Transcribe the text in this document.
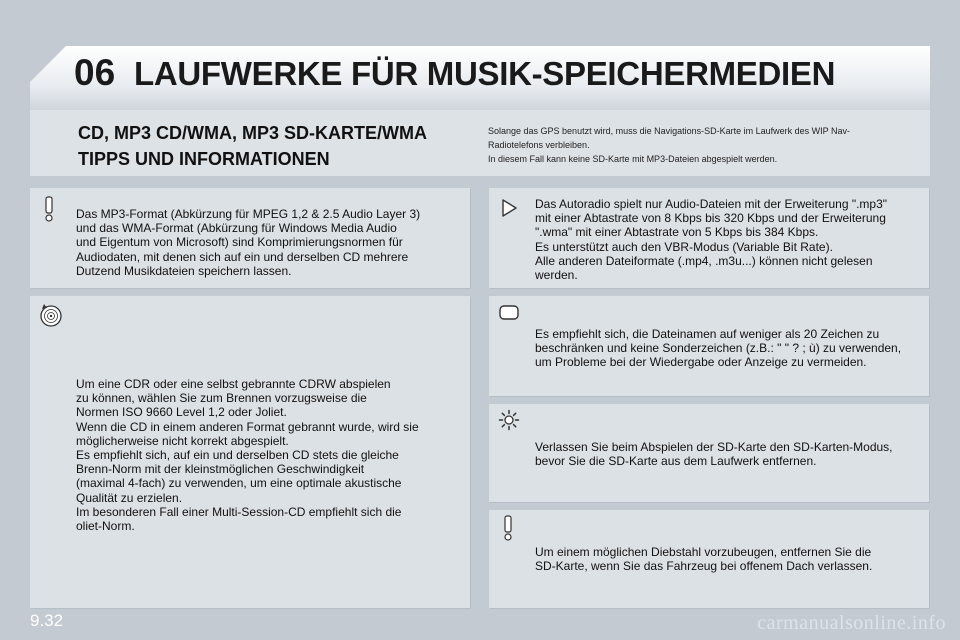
06 LAUFWERKE FÜR MUSIK-SPEICHERMEDIEN
CD, MP3 CD/WMA, MP3 SD-KARTE/WMA
TIPPS UND INFORMATIONEN
Solange das GPS benutzt wird, muss die Navigations-SD-Karte im Laufwerk des WIP Nav-
Radiotelefons verbleiben.
In diesem Fall kann keine SD-Karte mit MP3-Dateien abgespielt werden.
Das MP3-Format (Abkürzung für MPEG 1,2 & 2.5 Audio Layer 3)
und das WMA-Format (Abkürzung für Windows Media Audio
und Eigentum von Microsoft) sind Komprimierungsnormen für
Audiodaten, mit denen sich auf ein und derselben CD mehrere
Dutzend Musikdateien speichern lassen.
Um eine CDR oder eine selbst gebrannte CDRW abspielen
zu können, wählen Sie zum Brennen vorzugsweise die
Normen ISO 9660 Level 1,2 oder Joliet.
Wenn die CD in einem anderen Format gebrannt wurde, wird sie
möglicherweise nicht korrekt abgespielt.
Es empfiehlt sich, auf ein und derselben CD stets die gleiche
Brenn-Norm mit der kleinstmöglichen Geschwindigkeit
(maximal 4-fach) zu verwenden, um eine optimale akustische
Qualität zu erzielen.
Im besonderen Fall einer Multi-Session-CD empfiehlt sich die
oliet-Norm.
Das Autoradio spielt nur Audio-Dateien mit der Erweiterung ".mp3"
mit einer Abtastrate von 8 Kbps bis 320 Kbps und der Erweiterung
".wma" mit einer Abtastrate von 5 Kbps bis 384 Kbps.
Es unterstützt auch den VBR-Modus (Variable Bit Rate).
Alle anderen Dateiformate (.mp4, .m3u...) können nicht gelesen
werden.
Es empfiehlt sich, die Dateinamen auf weniger als 20 Zeichen zu
beschränken und keine Sonderzeichen (z.B.: " " ? ; ù) zu verwenden,
um Probleme bei der Wiedergabe oder Anzeige zu vermeiden.
Verlassen Sie beim Abspielen der SD-Karte den SD-Karten-Modus,
bevor Sie die SD-Karte aus dem Laufwerk entfernen.
Um einem möglichen Diebstahl vorzubeugen, entfernen Sie die
SD-Karte, wenn Sie das Fahrzeug bei offenem Dach verlassen.
9.32	carmanualsonline.info
